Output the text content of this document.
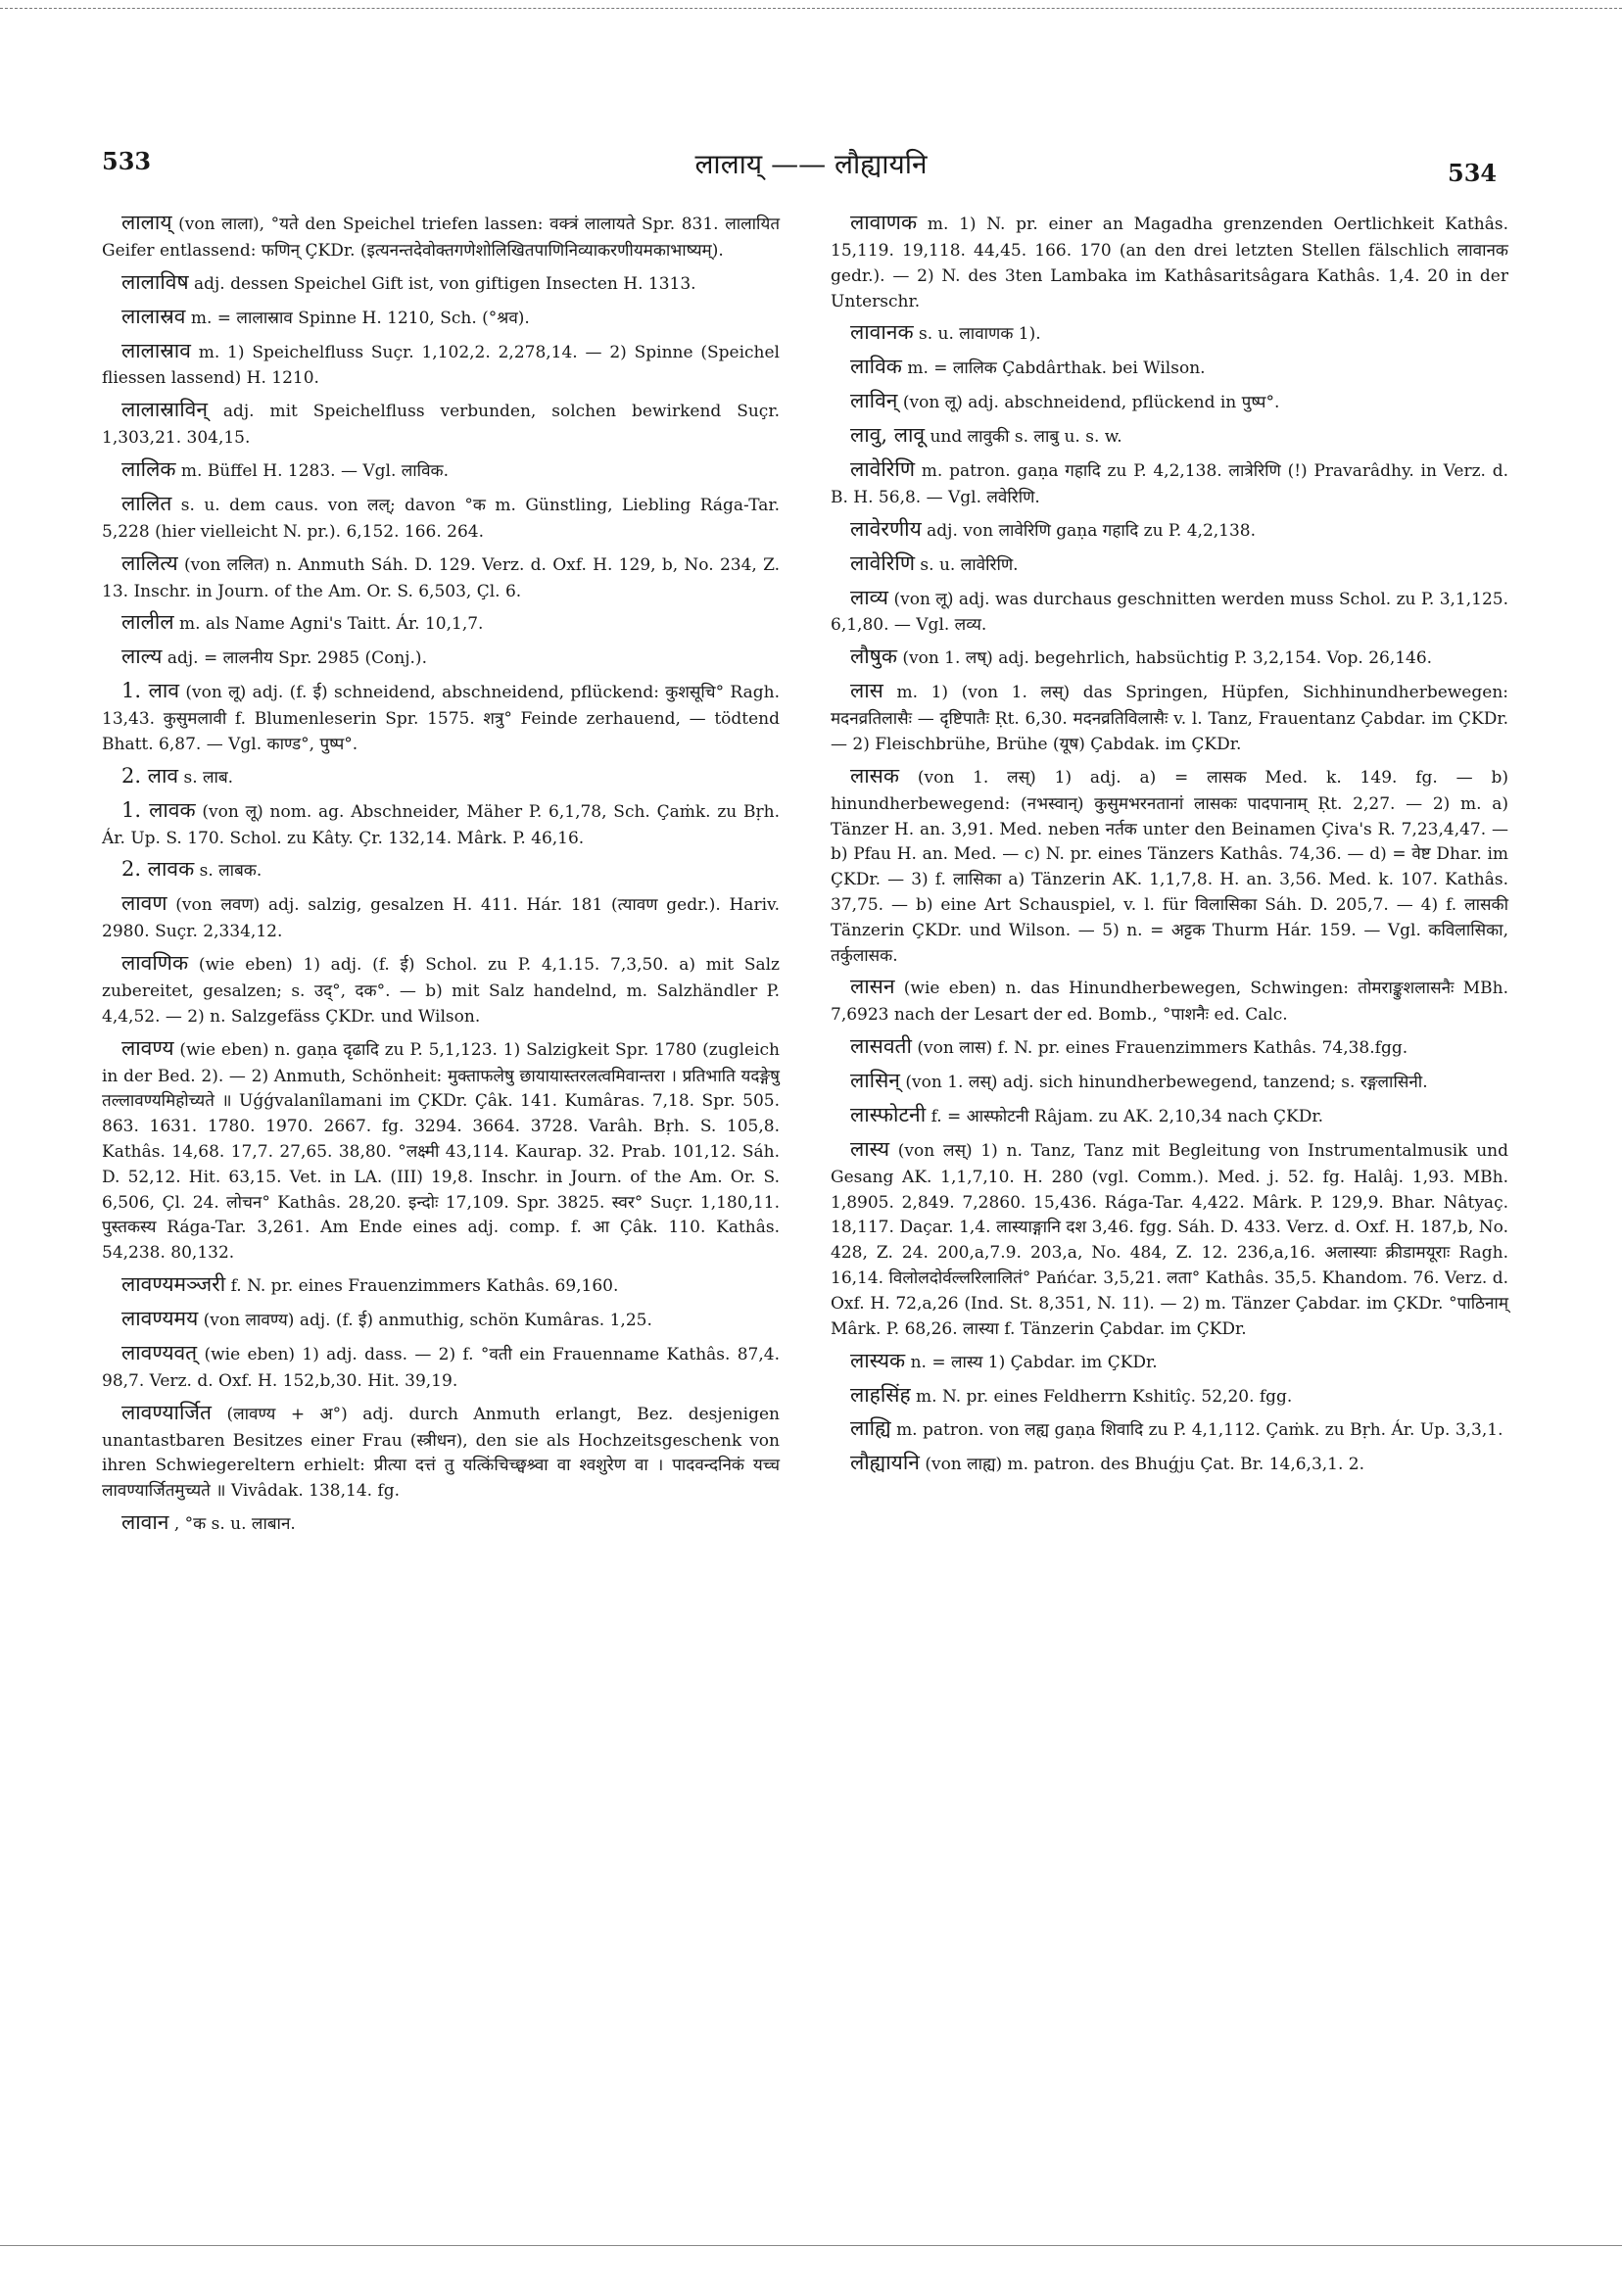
533	लालाय् —— लौह्यायनि	534

लालाय् (von लाला), °यते den Speichel triefen lassen: वक्त्रं लालायते Spr. 831. लालायित Geifer entlassend: फणिन् ÇKDr. (इत्यनन्तदेवोक्तगणेशोलिखितपाणिनिव्याकरणीयमकाभाष्यम्).

लालाविष adj. dessen Speichel Gift ist, von giftigen Insecten H. 1313.

लालास्रव m. = लालास्राव Spinne H. 1210, Sch. (°श्रव).

लालास्राव m. 1) Speichelfluss Suçr. 1,102,2. 2,278,14. — 2) Spinne (Speichel fliessen lassend) H. 1210.

लालास्राविन् adj. mit Speichelfluss verbunden, solchen bewirkend Suçr. 1,303,21. 304,15.

लालिक m. Büffel H. 1283. — Vgl. लाविक.

लालित s. u. dem caus. von लल्; davon °क m. Günstling, Liebling Rága-Tar. 5,228 (hier vielleicht N. pr.). 6,152. 166. 264.

लालित्य (von ललित) n. Anmuth Sáh. D. 129. Verz. d. Oxf. H. 129, b, No. 234, Z. 13. Inschr. in Journ. of the Am. Or. S. 6,503, Çl. 6.

लालील m. als Name Agni's Taitt. Ár. 10,1,7.

लाल्य adj. = लालनीय Spr. 2985 (Conj.).

1. लाव (von लू) adj. (f. ई) schneidend, abschneidend, pflückend: कुशसूचि° Ragh. 13,43. कुसुमलावी f. Blumenleserin Spr. 1575. शत्रु° Feinde zerhauend, — tödtend Bhatt. 6,87. — Vgl. काण्ड°, पुष्प°.

2. लाव s. लाब.

1. लावक (von लू) nom. ag. Abschneider, Mäher P. 6,1,78, Sch. Çaṁk. zu Bṛh. Ár. Up. S. 170. Schol. zu Kâty. Çr. 132,14. Mârk. P. 46,16.

2. लावक s. लाबक.

लावण (von लवण) adj. salzig, gesalzen H. 411. Hár. 181 (त्यावण gedr.). Hariv. 2980. Suçr. 2,334,12.

लावणिक (wie eben) 1) adj. (f. ई) Schol. zu P. 4,1.15. 7,3,50. a) mit Salz zubereitet, gesalzen; s. उद्°, दक°. — b) mit Salz handelnd, m. Salzhändler P. 4,4,52. — 2) n. Salzgefäss ÇKDr. und Wilson.

लावण्य (wie eben) n. gaṇa दृढादि zu P. 5,1,123. 1) Salzigkeit Spr. 1780 (zugleich in der Bed. 2). — 2) Anmuth, Schönheit: मुक्ताफलेषु छायायास्तरलत्वमिवान्तरा । प्रतिभाति यदङ्गेषु तल्लावण्यमिहोच्यते ॥ Uǵǵvalanîlamani im ÇKDr. Çâk. 141. Kumâras. 7,18. Spr. 505. 863. 1631. 1780. 1970. 2667. fg. 3294. 3664. 3728. Varâh. Bṛh. S. 105,8. Kathâs. 14,68. 17,7. 27,65. 38,80. °लक्ष्मी 43,114. Kaurap. 32. Prab. 101,12. Sáh. D. 52,12. Hit. 63,15. Vet. in LA. (III) 19,8. Inschr. in Journ. of the Am. Or. S. 6,506, Çl. 24. लोचन° Kathâs. 28,20. इन्दोः 17,109. Spr. 3825. स्वर° Suçr. 1,180,11. पुस्तकस्य Rága-Tar. 3,261. Am Ende eines adj. comp. f. आ Çâk. 110. Kathâs. 54,238. 80,132.

लावण्यमञ्जरी f. N. pr. eines Frauenzimmers Kathâs. 69,160.

लावण्यमय (von लावण्य) adj. (f. ई) anmuthig, schön Kumâras. 1,25.

लावण्यवत् (wie eben) 1) adj. dass. — 2) f. °वती ein Frauenname Kathâs. 87,4. 98,7. Verz. d. Oxf. H. 152,b,30. Hit. 39,19.

लावण्यार्जित (लावण्य + अ°) adj. durch Anmuth erlangt, Bez. desjenigen unantastbaren Besitzes einer Frau (स्त्रीधन), den sie als Hochzeitsgeschenk von ihren Schwiegereltern erhielt: प्रीत्या दत्तं तु यत्किंचिच्छ्वश्र्वा वा श्वशुरेण वा । पादवन्दनिकं यच्च लावण्यार्जितमुच्यते ॥ Vivâdak. 138,14. fg.

लावान , °क s. u. लाबान.

लावाणक m. 1) N. pr. einer an Magadha grenzenden Oertlichkeit Kathâs. 15,119. 19,118. 44,45. 166. 170 (an den drei letzten Stellen fälschlich लावानक gedr.). — 2) N. des 3ten Lambaka im Kathâsaritsâgara Kathâs. 1,4. 20 in der Unterschr.

लावानक s. u. लावाणक 1).

लाविक m. = लालिक Çabdârthak. bei Wilson.

लाविन् (von लू) adj. abschneidend, pflückend in पुष्प°.

लावु, लावू und लावुकी s. लाबु u. s. w.

लावेरिणि m. patron. gaṇa गहादि zu P. 4,2,138. लात्रेरिणि (!) Pravarâdhy. in Verz. d. B. H. 56,8. — Vgl. लवेरिणि.

लावेरणीय adj. von लावेरिणि gaṇa गहादि zu P. 4,2,138.

लावेरिणि s. u. लावेरिणि.

लाव्य (von लू) adj. was durchaus geschnitten werden muss Schol. zu P. 3,1,125. 6,1,80. — Vgl. लव्य.

लौषुक (von 1. लष्) adj. begehrlich, habsüchtig P. 3,2,154. Vop. 26,146.

लास m. 1) (von 1. लस्) das Springen, Hüpfen, Sichhinundherbewegen: मदनव्रतिलासैः — दृष्टिपातैः Ṛt. 6,30. मदनव्रतिविलासैः v. l. Tanz, Frauentanz Çabdar. im ÇKDr. — 2) Fleischbrühe, Brühe (यूष) Çabdak. im ÇKDr.

लासक (von 1. लस्) 1) adj. a) = लासक Med. k. 149. fg. — b) hinundherbewegend: (नभस्वान्) कुसुमभरनतानां लासकः पादपानाम् Ṛt. 2,27. — 2) m. a) Tänzer H. an. 3,91. Med. neben नर्तक unter den Beinamen Çiva's R. 7,23,4,47. — b) Pfau H. an. Med. — c) N. pr. eines Tänzers Kathâs. 74,36. — d) = वेष्ट Dhar. im ÇKDr. — 3) f. लासिका a) Tänzerin AK. 1,1,7,8. H. an. 3,56. Med. k. 107. Kathâs. 37,75. — b) eine Art Schauspiel, v. l. für विलासिका Sáh. D. 205,7. — 4) f. लासकी Tänzerin ÇKDr. und Wilson. — 5) n. = अट्टक Thurm Hár. 159. — Vgl. कविलासिका, तर्कुलासक.

लासन (wie eben) n. das Hinundherbewegen, Schwingen: तोमराङ्कुशलासनैः MBh. 7,6923 nach der Lesart der ed. Bomb., °पाशनैः ed. Calc.

लासवती (von लास) f. N. pr. eines Frauenzimmers Kathâs. 74,38.fgg.

लासिन् (von 1. लस्) adj. sich hinundherbewegend, tanzend; s. रङ्गलासिनी.

लास्फोटनी f. = आस्फोटनी Râjam. zu AK. 2,10,34 nach ÇKDr.

लास्य (von लस्) 1) n. Tanz, Tanz mit Begleitung von Instrumentalmusik und Gesang AK. 1,1,7,10. H. 280 (vgl. Comm.). Med. j. 52. fg. Halâj. 1,93. MBh. 1,8905. 2,849. 7,2860. 15,436. Rága-Tar. 4,422. Mârk. P. 129,9. Bhar. Nâtyaç. 18,117. Daçar. 1,4. लास्याङ्गानि दश 3,46. fgg. Sáh. D. 433. Verz. d. Oxf. H. 187,b, No. 428, Z. 24. 200,a,7.9. 203,a, No. 484, Z. 12. 236,a,16. अलास्याः क्रीडामयूराः Ragh. 16,14. विलोलदोर्वल्लरिलालितं° Pańćar. 3,5,21. लता° Kathâs. 35,5. Khandom. 76. Verz. d. Oxf. H. 72,a,26 (Ind. St. 8,351, N. 11). — 2) m. Tänzer Çabdar. im ÇKDr. °पाठिनाम् Mârk. P. 68,26. लास्या f. Tänzerin Çabdar. im ÇKDr.

लास्यक n. = लास्य 1) Çabdar. im ÇKDr.

लाहसिंह m. N. pr. eines Feldherrn Kshitîç. 52,20. fgg.

लाह्यि m. patron. von लह्य gaṇa शिवादि zu P. 4,1,112. Çaṁk. zu Bṛh. Ár. Up. 3,3,1.

लौह्यायनि (von लाह्य) m. patron. des Bhuǵju Çat. Br. 14,6,3,1. 2.
